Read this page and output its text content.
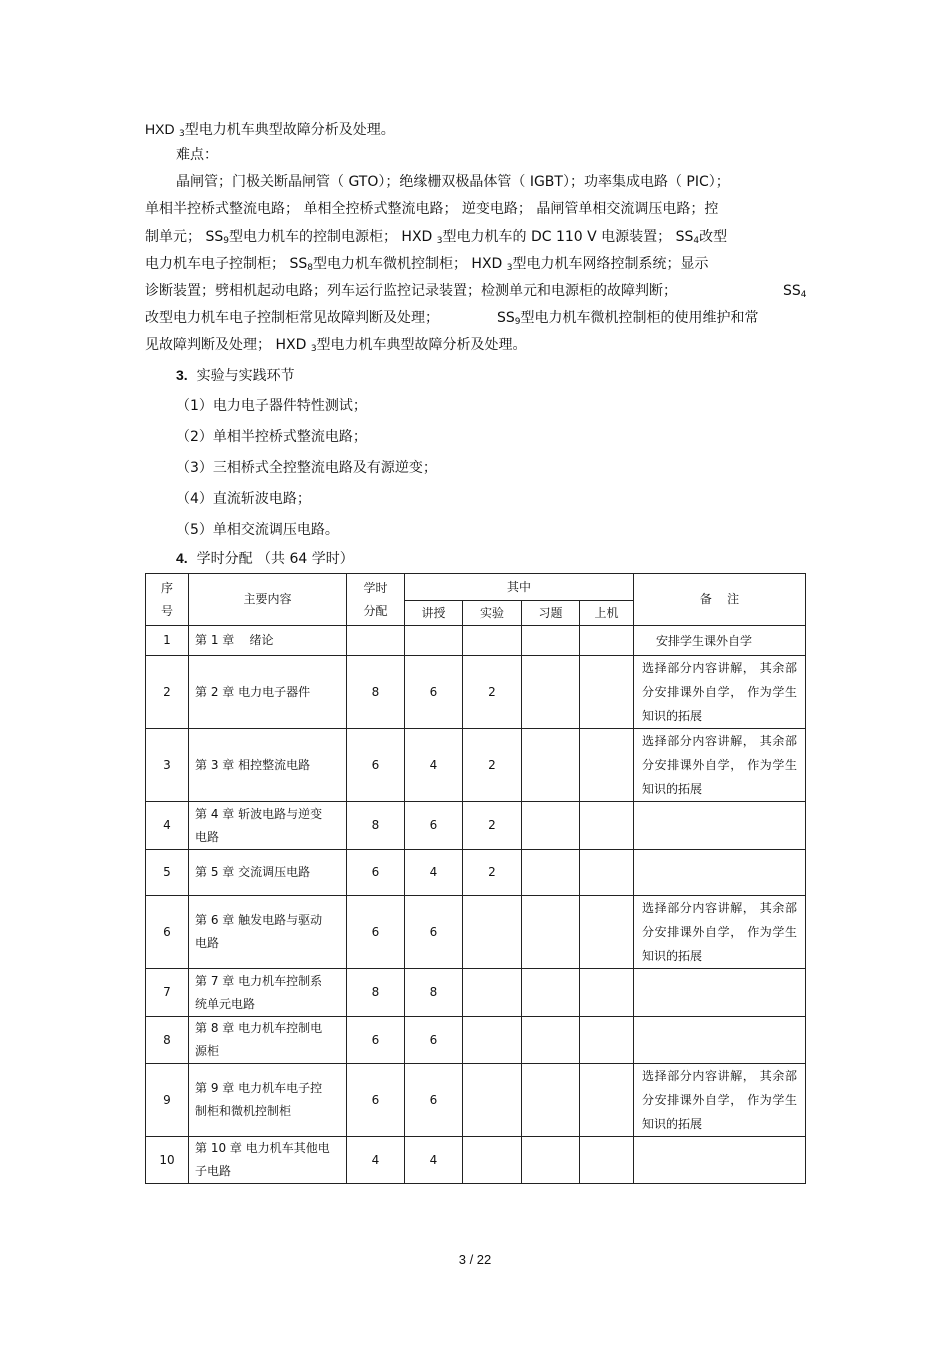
HXD $_3$型电力机车典型故障分析及处理。
难点：
晶闸管；门极关断晶闸管（ GTO）；绝缘栅双极晶体管（ IGBT）；功率集成电路（ PIC）；
单相半控桥式整流电路； 单相全控桥式整流电路； 逆变电路； 晶闸管单相交流调压电路；控
制单元； $SS_9$型电力机车的控制电源柜； HXD $_3$型电力机车的 DC 110 V 电源装置； $SS_4$改型
电力机车电子控制柜； $SS_8$型电力机车微机控制柜； HXD $_3$型电力机车网络控制系统；显示
诊断装置；劈相机起动电路；列车运行监控记录装置；检测单元和电源柜的故障判断；	$SS_4$
改型电力机车电子控制柜常见故障判断及处理；	$SS_9$型电力机车微机控制柜的使用维护和常
见故障判断及处理； HXD $_3$型电力机车典型故障分析及处理。
3. 实验与实践环节
（1）电力电子器件特性测试；
（2）单相半控桥式整流电路；
（3）三相桥式全控整流电路及有源逆变；
（4）直流斩波电路；
（5）单相交流调压电路。
4. 学时分配 （共 64 学时）
序
号	主要内容	学时
分配	其中				备    注
			讲授	实验	习题	上机	
1	第 1 章    绪论						安排学生课外自学
2	第 2 章 电力电子器件	8	6	2			选择部分内容讲解， 其余部分安排课外自学， 作为学生知识的拓展
3	第 3 章 相控整流电路	6	4	2			选择部分内容讲解， 其余部分安排课外自学， 作为学生知识的拓展
4	第 4 章 斩波电路与逆变电路	8	6	2			
5	第 5 章 交流调压电路	6	4	2			
6	第 6 章 触发电路与驱动电路	6	6				选择部分内容讲解， 其余部分安排课外自学， 作为学生知识的拓展
7	第 7 章 电力机车控制系统单元电路	8	8				
8	第 8 章 电力机车控制电源柜	6	6				
9	第 9 章 电力机车电子控制柜和微机控制柜	6	6				选择部分内容讲解， 其余部分安排课外自学， 作为学生知识的拓展
10	第 10 章 电力机车其他电子电路	4	4				
3 / 22
